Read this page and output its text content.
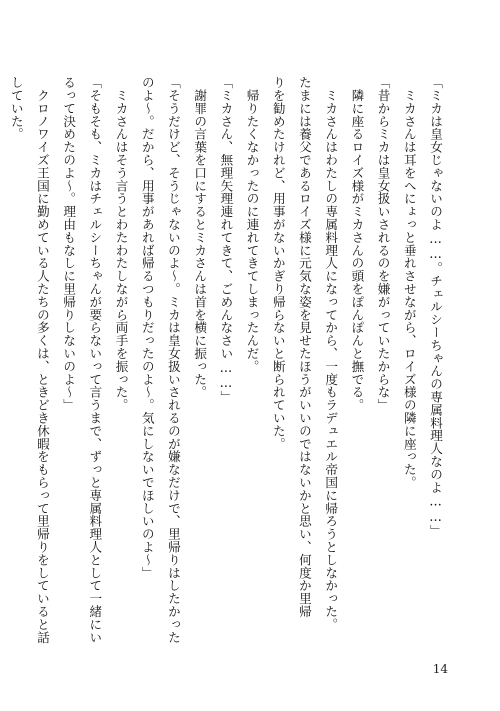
「ミカは皇女じゃないのよ……。チェルシーちゃんの専属料理人なのよ……」
　ミカさんは耳をへにょっと垂れさせながら、ロイズ様の隣に座った。
「昔からミカは皇女扱いされるのを嫌がっていたからな」
　隣に座るロイズ様がミカさんの頭をぽんぽんと撫でる。
　ミカさんはわたしの専属料理人になってから、一度もラデュエル帝国に帰ろうとしなかった。
たまには養父であるロイズ様に元気な姿を見せたほうがいいのではないかと思い、何度か里帰
りを勧めたけれど、用事がないかぎり帰らないと断られていた。
　帰りたくなかったのに連れてきてしまったんだ。
「ミカさん、無理矢理連れてきて、ごめんなさい……」
　謝罪の言葉を口にするとミカさんは首を横に振った。
「そうだけど、そうじゃないのよ～。ミカは皇女扱いされるのが嫌なだけで、里帰りはしたかった
のよ～。だから、用事があれば帰るつもりだったのよ～。気にしないでほしいのよ～」
　ミカさんはそう言うとわたわたしながら両手を振った。
「そもそも、ミカはチェルシーちゃんが要らないって言うまで、ずっと専属料理人として一緒にい
るって決めたのよ～。理由もなしに里帰りしないのよ～」
　クロノワイズ王国に勤めている人たちの多くは、ときどき休暇をもらって里帰りをしていると話
していた。
14
